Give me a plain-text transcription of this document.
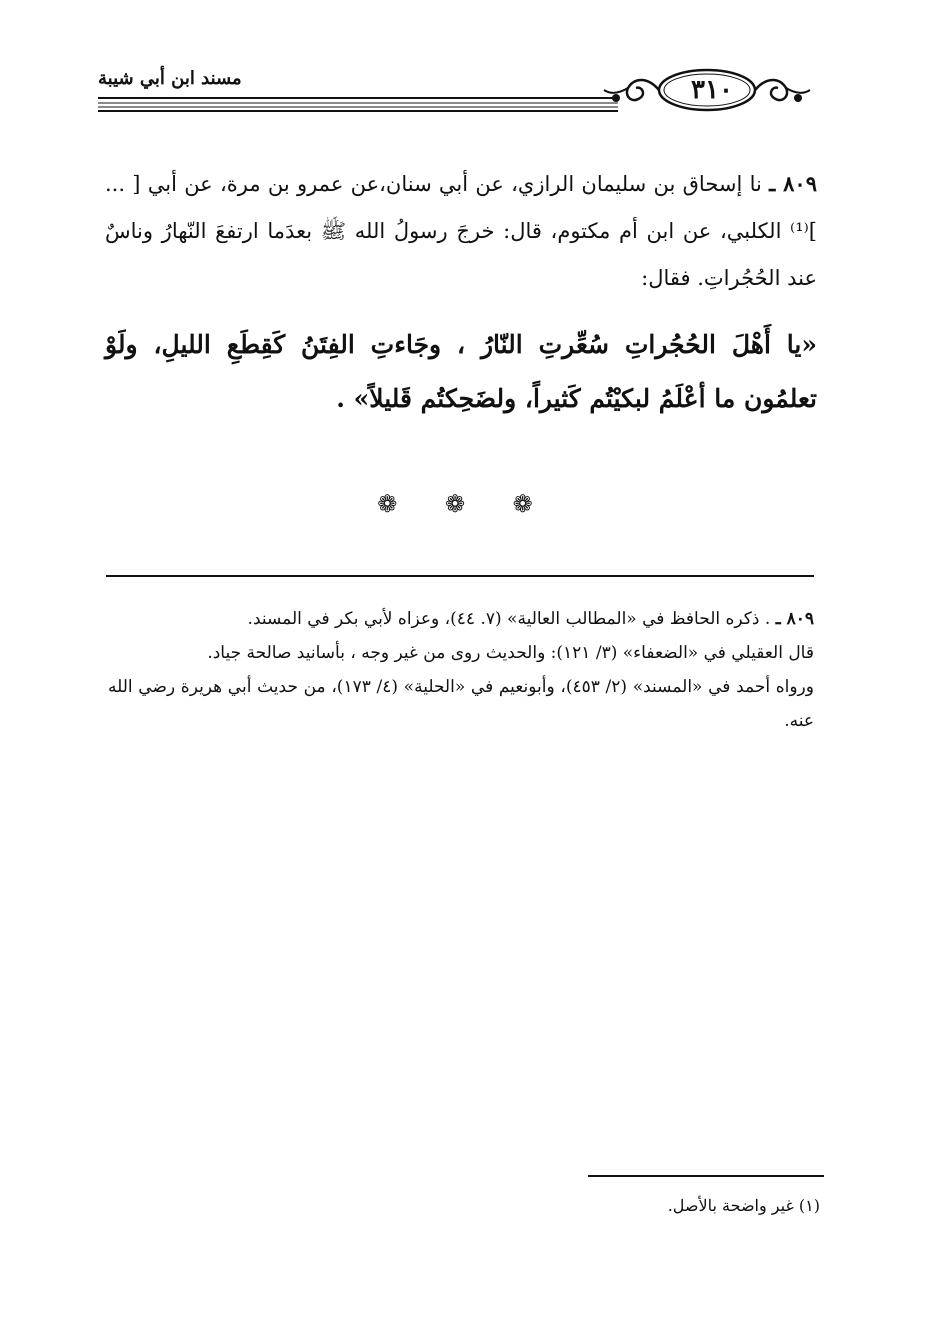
مسند ابن أبي شيبة	٣١٠
٨٠٩ ـ نا إسحاق بن سليمان الرازي، عن أبي سنان،عن عمرو بن مرة، عن أبي [ ... ]⁽¹⁾ الكلبي، عن ابن أم مكتوم، قال: خرجَ رسولُ الله ﷺ بعدَما ارتفعَ النّهارُ وناسٌ عند الحُجُراتِ. فقال:
«يا أَهْلَ الحُجُراتِ سُعِّرتِ النّارُ ، وجَاءتِ الفِتَنُ كَقِطَعِ الليلِ، ولَوْ تعلمُون ما أعْلَمُ لبكيْتُم كَثيراً، ولضَحِكتُم قَليلاً» .
❁ ❁ ❁

٨٠٩ ـ . ذكره الحافظ في «المطالب العالية» (٧. ٤٤)، وعزاه لأبي بكر في المسند.

قال العقيلي في «الضعفاء» (٣/ ١٢١): والحديث روى من غير وجه ، بأسانيد صالحة جياد.

ورواه أحمد في «المسند» (٢/ ٤٥٣)، وأبونعيم في «الحلية» (٤/ ١٧٣)، من حديث أبي هريرة رضي الله عنه.

(١) غير واضحة بالأصل.
